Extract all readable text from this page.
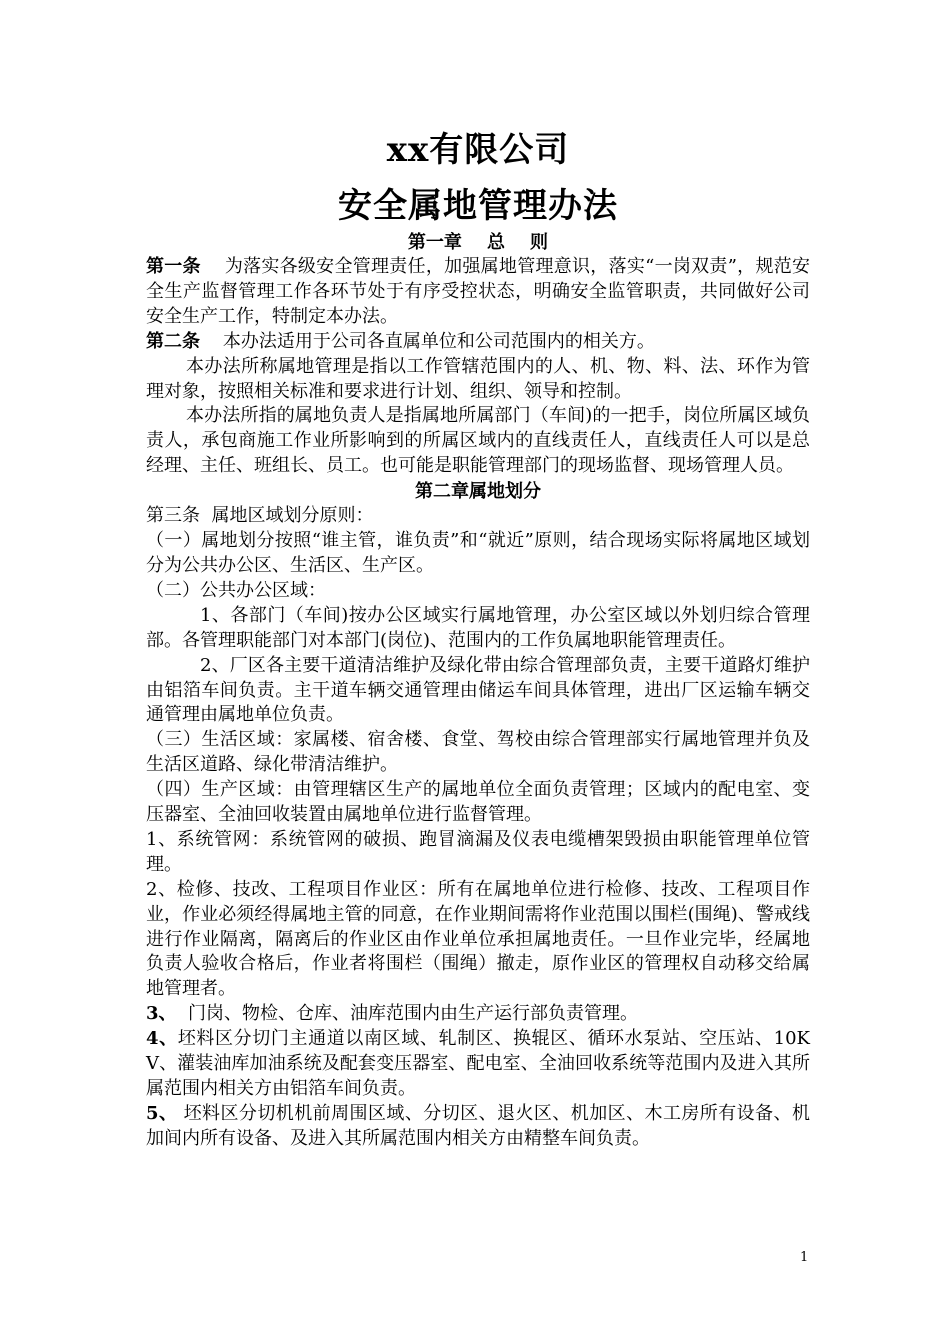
xx有限公司
安全属地管理办法
第一章    总    则

第一条    为落实各级安全管理责任，加强属地管理意识，落实“一岗双责”，规范安全生产监督管理工作各环节处于有序受控状态，明确安全监管职责，共同做好公司安全生产工作，特制定本办法。

第二条    本办法适用于公司各直属单位和公司范围内的相关方。

本办法所称属地管理是指以工作管辖范围内的人、机、物、料、法、环作为管理对象，按照相关标准和要求进行计划、组织、领导和控制。

本办法所指的属地负责人是指属地所属部门（车间)的一把手，岗位所属区域负责人，承包商施工作业所影响到的所属区域内的直线责任人，直线责任人可以是总经理、主任、班组长、员工。也可能是职能管理部门的现场监督、现场管理人员。

第二章属地划分

第三条  属地区域划分原则：

（一）属地划分按照“谁主管，谁负责”和“就近”原则，结合现场实际将属地区域划分为公共办公区、生活区、生产区。

（二）公共办公区域：

1、各部门（车间)按办公区域实行属地管理，办公室区域以外划归综合管理部。各管理职能部门对本部门(岗位)、范围内的工作负属地职能管理责任。

2、厂区各主要干道清洁维护及绿化带由综合管理部负责，主要干道路灯维护由铝箔车间负责。主干道车辆交通管理由储运车间具体管理，进出厂区运输车辆交通管理由属地单位负责。

（三）生活区域：家属楼、宿舍楼、食堂、驾校由综合管理部实行属地管理并负及生活区道路、绿化带清洁维护。

（四）生产区域：由管理辖区生产的属地单位全面负责管理；区域内的配电室、变压器室、全油回收装置由属地单位进行监督管理。

1、系统管网：系统管网的破损、跑冒滴漏及仪表电缆槽架毁损由职能管理单位管理。

2、检修、技改、工程项目作业区：所有在属地单位进行检修、技改、工程项目作业，作业必须经得属地主管的同意，在作业期间需将作业范围以围栏(围绳)、警戒线进行作业隔离，隔离后的作业区由作业单位承担属地责任。一旦作业完毕，经属地负责人验收合格后，作业者将围栏（围绳）撤走，原作业区的管理权自动移交给属地管理者。

3、  门岗、物检、仓库、油库范围内由生产运行部负责管理。

4、坯料区分切门主通道以南区域、轧制区、换辊区、循环水泵站、空压站、10KV、灌装油库加油系统及配套变压器室、配电室、全油回收系统等范围内及进入其所属范围内相关方由铝箔车间负责。

5、 坯料区分切机机前周围区域、分切区、退火区、机加区、木工房所有设备、机加间内所有设备、及进入其所属范围内相关方由精整车间负责。

1
